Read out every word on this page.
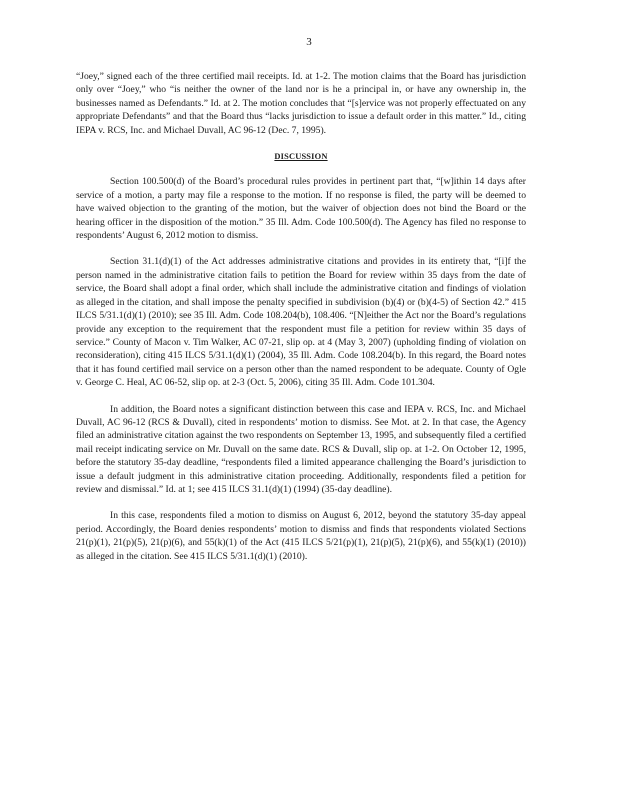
3

“Joey,” signed each of the three certified mail receipts. Id. at 1-2. The motion claims that the Board has jurisdiction only over “Joey,” who “is neither the owner of the land nor is he a principal in, or have any ownership in, the businesses named as Defendants.” Id. at 2. The motion concludes that “[s]ervice was not properly effectuated on any appropriate Defendants” and that the Board thus “lacks jurisdiction to issue a default order in this matter.” Id., citing IEPA v. RCS, Inc. and Michael Duvall, AC 96-12 (Dec. 7, 1995).

DISCUSSION

Section 100.500(d) of the Board’s procedural rules provides in pertinent part that, “[w]ithin 14 days after service of a motion, a party may file a response to the motion. If no response is filed, the party will be deemed to have waived objection to the granting of the motion, but the waiver of objection does not bind the Board or the hearing officer in the disposition of the motion.” 35 Ill. Adm. Code 100.500(d). The Agency has filed no response to respondents’ August 6, 2012 motion to dismiss.

Section 31.1(d)(1) of the Act addresses administrative citations and provides in its entirety that, “[i]f the person named in the administrative citation fails to petition the Board for review within 35 days from the date of service, the Board shall adopt a final order, which shall include the administrative citation and findings of violation as alleged in the citation, and shall impose the penalty specified in subdivision (b)(4) or (b)(4-5) of Section 42.” 415 ILCS 5/31.1(d)(1) (2010); see 35 Ill. Adm. Code 108.204(b), 108.406. “[N]either the Act nor the Board’s regulations provide any exception to the requirement that the respondent must file a petition for review within 35 days of service.” County of Macon v. Tim Walker, AC 07-21, slip op. at 4 (May 3, 2007) (upholding finding of violation on reconsideration), citing 415 ILCS 5/31.1(d)(1) (2004), 35 Ill. Adm. Code 108.204(b). In this regard, the Board notes that it has found certified mail service on a person other than the named respondent to be adequate. County of Ogle v. George C. Heal, AC 06-52, slip op. at 2-3 (Oct. 5, 2006), citing 35 Ill. Adm. Code 101.304.

In addition, the Board notes a significant distinction between this case and IEPA v. RCS, Inc. and Michael Duvall, AC 96-12 (RCS & Duvall), cited in respondents’ motion to dismiss. See Mot. at 2. In that case, the Agency filed an administrative citation against the two respondents on September 13, 1995, and subsequently filed a certified mail receipt indicating service on Mr. Duvall on the same date. RCS & Duvall, slip op. at 1-2. On October 12, 1995, before the statutory 35-day deadline, “respondents filed a limited appearance challenging the Board’s jurisdiction to issue a default judgment in this administrative citation proceeding. Additionally, respondents filed a petition for review and dismissal.” Id. at 1; see 415 ILCS 31.1(d)(1) (1994) (35-day deadline).

In this case, respondents filed a motion to dismiss on August 6, 2012, beyond the statutory 35-day appeal period. Accordingly, the Board denies respondents’ motion to dismiss and finds that respondents violated Sections 21(p)(1), 21(p)(5), 21(p)(6), and 55(k)(1) of the Act (415 ILCS 5/21(p)(1), 21(p)(5), 21(p)(6), and 55(k)(1) (2010)) as alleged in the citation. See 415 ILCS 5/31.1(d)(1) (2010).
